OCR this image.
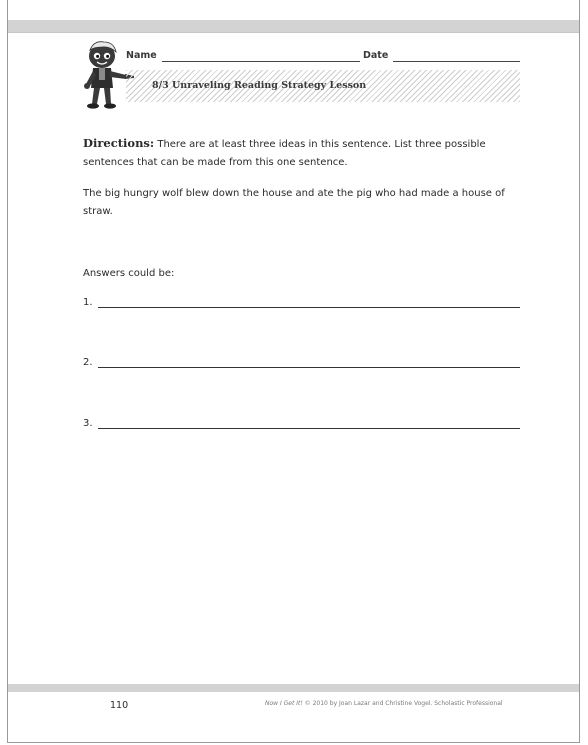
Name	Date
8/3 Unraveling Reading Strategy Lesson
Directions: There are at least three ideas in this sentence. List three possible sentences that can be made from this one sentence.
The big hungry wolf blew down the house and ate the pig who had made a house of straw.
Answers could be:
1.
2.
3.
110	Now I Get It! © 2010 by Joan Lazar and Christine Vogel. Scholastic Professional
